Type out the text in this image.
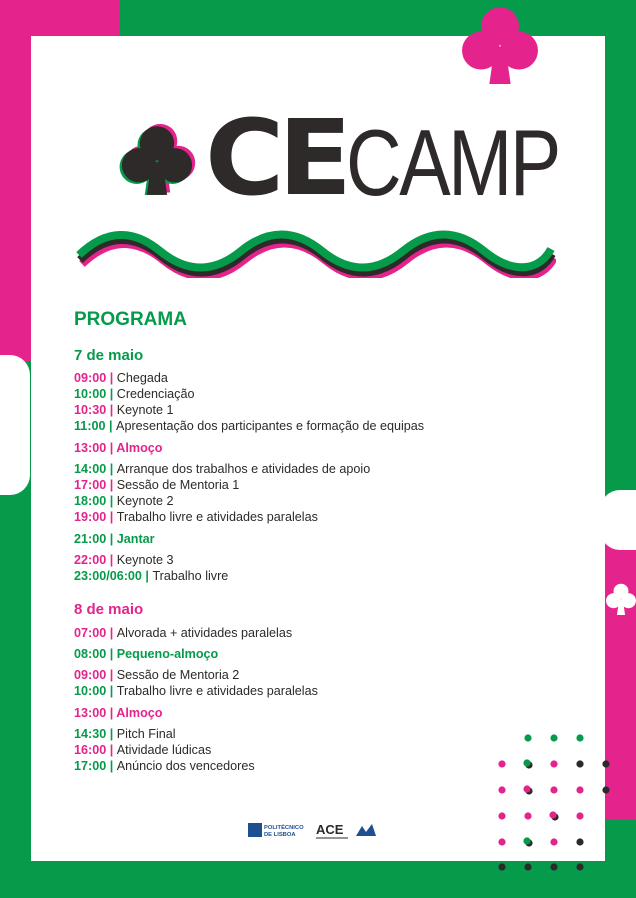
CE CAMP
PROGRAMA
7 de maio
09:00 | Chegada
10:00 | Credenciação
10:30 | Keynote 1
11:00 | Apresentação dos participantes e formação de equipas
13:00 | Almoço
14:00 | Arranque dos trabalhos e atividades de apoio
17:00 | Sessão de Mentoria 1
18:00 | Keynote 2
19:00 | Trabalho livre e atividades paralelas
21:00 | Jantar
22:00 | Keynote 3
23:00/06:00 | Trabalho livre
8 de maio
07:00 | Alvorada + atividades paralelas
08:00 | Pequeno-almoço
09:00 | Sessão de Mentoria 2
10:00 | Trabalho livre e atividades paralelas
13:00 | Almoço
14:30 | Pitch Final
16:00 | Atividade lúdicas
17:00 | Anúncio dos vencedores
POLITÉCNICO
DE LISBOA ACE
